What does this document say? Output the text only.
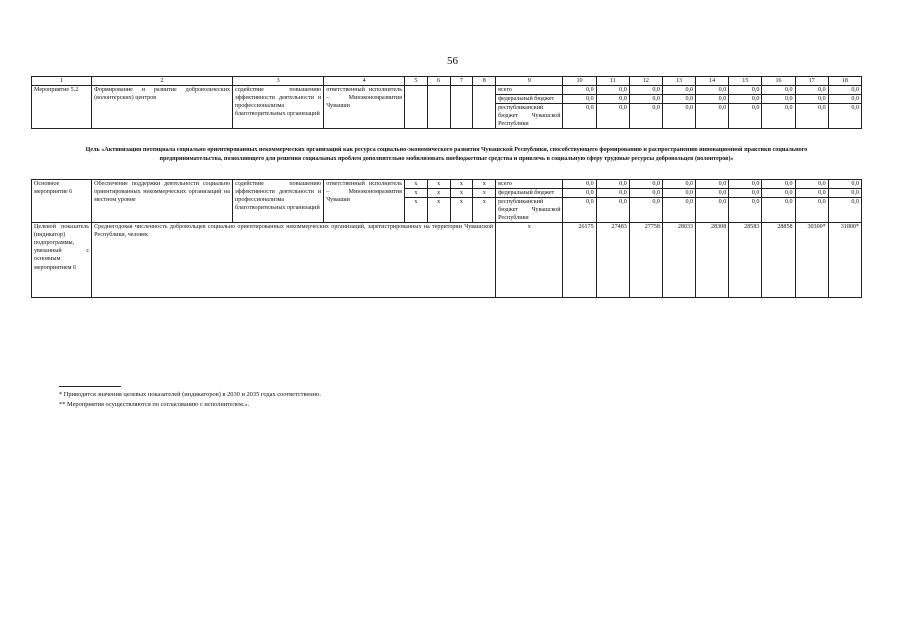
56
1	2	3	4	5	6	7	8	9	10	11	12	13	14	15	16	17	18
Мероприятие 5.2	Формирование и развитие добровольческих (волонтерских) центров	содействие повышению эффективности деятельности и профессионализма благотворительных организаций	ответственный исполнитель – Минэкономразвития Чувашии					всего	0,0	0,0	0,0	0,0	0,0	0,0	0,0	0,0	0,0
								федеральный бюджет	0,0	0,0	0,0	0,0	0,0	0,0	0,0	0,0	0,0
								республиканский бюджет Чувашской Республики	0,0	0,0	0,0	0,0	0,0	0,0	0,0	0,0	0,0
Цель «Активизация потенциала социально ориентированных некоммерческих организаций как ресурса социально-экономического развития Чувашской Республики, способствующего формированию и распространению инновационной практики социального предпринимательства, позволяющего для решения социальных проблем дополнительно мобилизовать внебюджетные средства и привлечь в социальную сферу трудовые ресурсы добровольцев (волонтеров)»																	
Основное мероприятие 6	Обеспечение поддержки деятельности социально ориентированных некоммерческих организаций на местном уровне	содействие повышению эффективности деятельности и профессионализма благотворительных организаций	ответственный исполнитель – Минэкономразвития Чувашии	x	x	x	x	всего	0,0	0,0	0,0	0,0	0,0	0,0	0,0	0,0	0,0
				x	x	x	x	федеральный бюджет	0,0	0,0	0,0	0,0	0,0	0,0	0,0	0,0	0,0
				x	x	x	x	республиканский бюджет Чувашской Республики	0,0	0,0	0,0	0,0	0,0	0,0	0,0	0,0	0,0
Целевой показатель (индикатор) подпрограммы, увязанный с основным мероприятием 6	Среднегодовая численность добровольцев социально ориентированных некоммерческих организаций, зарегистрированных на территории Чувашской Республики, человек							x	26175	27483	27758	28033	28308	28583	28858	30300*	31800*
* Приводятся значения целевых показателей (индикаторов) в 2030 и 2035 годах соответственно.
** Мероприятия осуществляются по согласованию с исполнителем.».
